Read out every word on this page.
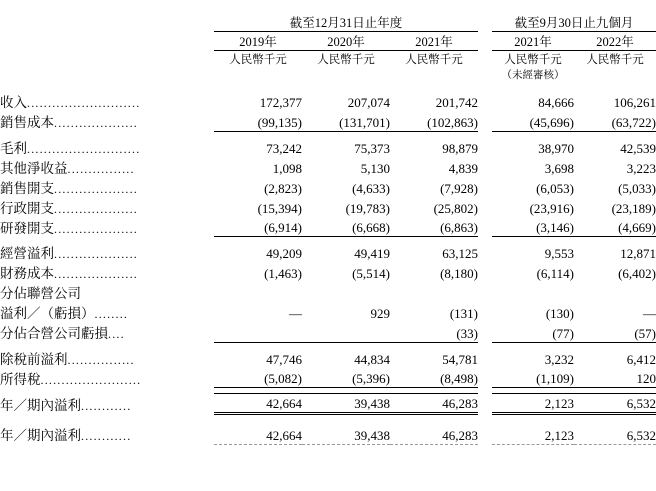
	截至12月31日止年度				截至9月30日止九個月	
	2019年	2020年	2021年		2021年	2022年
	人民幣千元	人民幣千元	人民幣千元		人民幣千元	人民幣千元
					（未經審核）	

收入...........................	172,377	207,074	201,742		84,666	106,261
銷售成本....................	(99,135)	(131,701)	(102,863)		(45,696)	(63,722)

毛利...........................	73,242	75,373	98,879		38,970	42,539
其他淨收益................	1,098	5,130	4,839		3,698	3,223
銷售開支....................	(2,823)	(4,633)	(7,928)		(6,053)	(5,033)
行政開支....................	(15,394)	(19,783)	(25,802)		(23,916)	(23,189)
研發開支....................	(6,914)	(6,668)	(6,863)		(3,146)	(4,669)

經營溢利....................	49,209	49,419	63,125		9,553	12,871
財務成本....................	(1,463)	(5,514)	(8,180)		(6,114)	(6,402)
分佔聯營公司						
溢利／（虧損）........	—	929	(131)		(130)	—
分佔合營公司虧損....			(33)		(77)	(57)

除稅前溢利................	47,746	44,834	54,781		3,232	6,412
所得稅........................	(5,082)	(5,396)	(8,498)		(1,109)	120

年／期內溢利............	42,664	39,438	46,283		2,123	6,532

年／期內溢利............	42,664	39,438	46,283		2,123	6,532
